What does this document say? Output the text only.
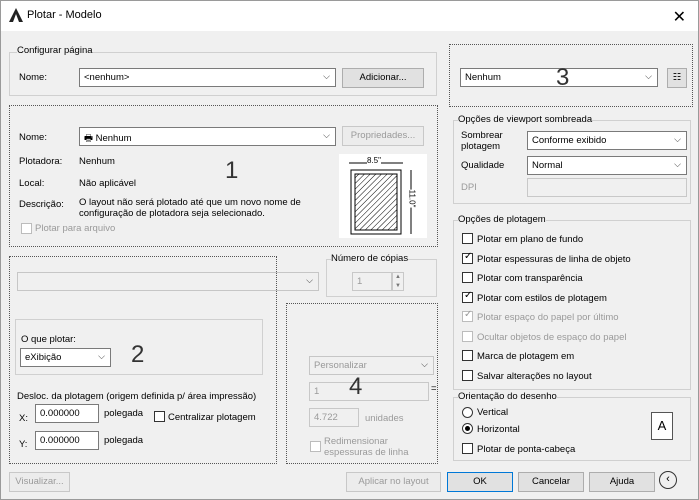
Plotar - Modelo	✕
Configurar página
Nome:	<nenhum>	⌵	Adicionar...	Nenhum	⌵	☷
3
Nome:	🖶 Nenhum	⌵	Propriedades...
Plotadora: Nenhum
Local:	Não aplicável
Descrição: O layout não será plotado até que um novo nome de configuração de plotadora seja selecionado.
Plotar para arquivo
1	8.5"
11.0"
⌵
Número de cópias
1	▲
▼
O que plotar:
eXibição	⌵ 2
Desloc. da plotagem (origem definida p/ área impressão)
X:	0.000000	polegada	Centralizar plotagem
Y:	0.000000	polegada
Personalizar	⌵
1	=
4.722	unidades
Redimensionar espessuras de linha
4
Opções de viewport sombreada
Sombrear plotagem
Conforme exibido	⌵
Qualidade	Normal	⌵
DPI
Opções de plotagem
Plotar em plano de fundo
✓
Plotar espessuras de linha de objeto
Plotar com transparência
✓
Plotar com estilos de plotagem
✓
Plotar espaço do papel por último
Ocultar objetos de espaço do papel
Marca de plotagem em
Salvar alterações no layout
Orientação do desenho
Vertical
Horizontal
Plotar de ponta-cabeça
A
Visualizar...	Aplicar no layout	OK	Cancelar	Ajuda	‹
